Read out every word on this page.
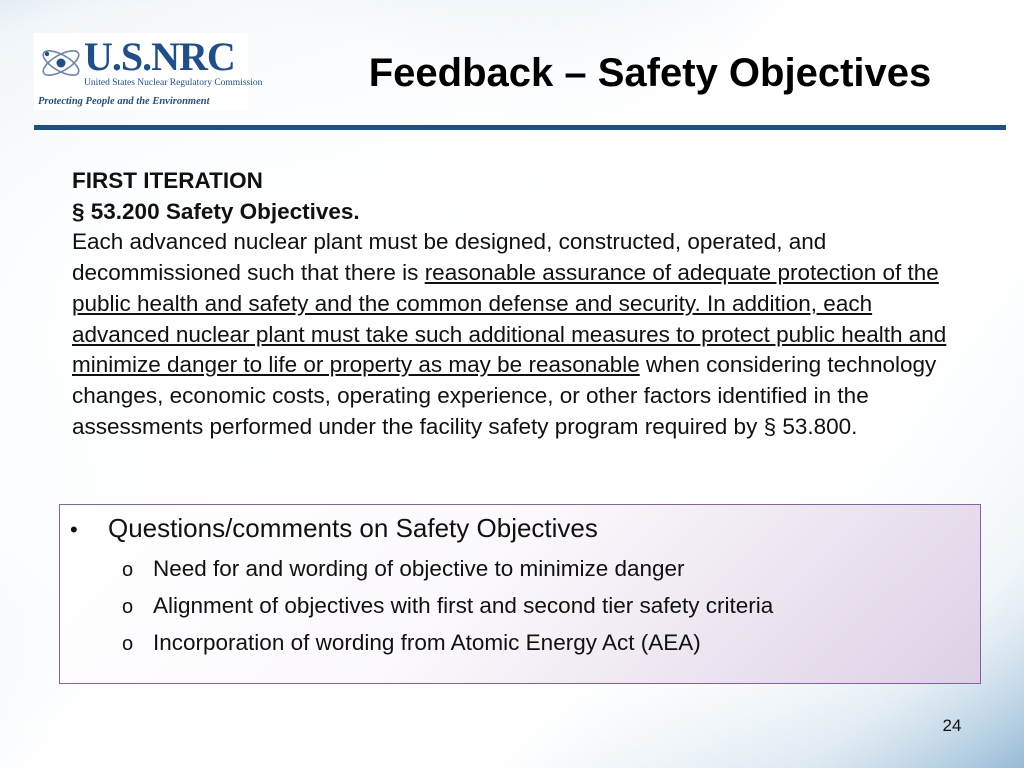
U.S.NRC
United States Nuclear Regulatory Commission
Protecting People and the Environment
Feedback – Safety Objectives
FIRST ITERATION
§ 53.200 Safety Objectives.
Each advanced nuclear plant must be designed, constructed, operated, and decommissioned such that there is reasonable assurance of adequate protection of the public health and safety and the common defense and security. In addition, each advanced nuclear plant must take such additional measures to protect public health and minimize danger to life or property as may be reasonable when considering technology changes, economic costs, operating experience, or other factors identified in the assessments performed under the facility safety program required by § 53.800.
•	Questions/comments on Safety Objectives
o Need for and wording of objective to minimize danger
o Alignment of objectives with first and second tier safety criteria
o Incorporation of wording from Atomic Energy Act (AEA)
24
